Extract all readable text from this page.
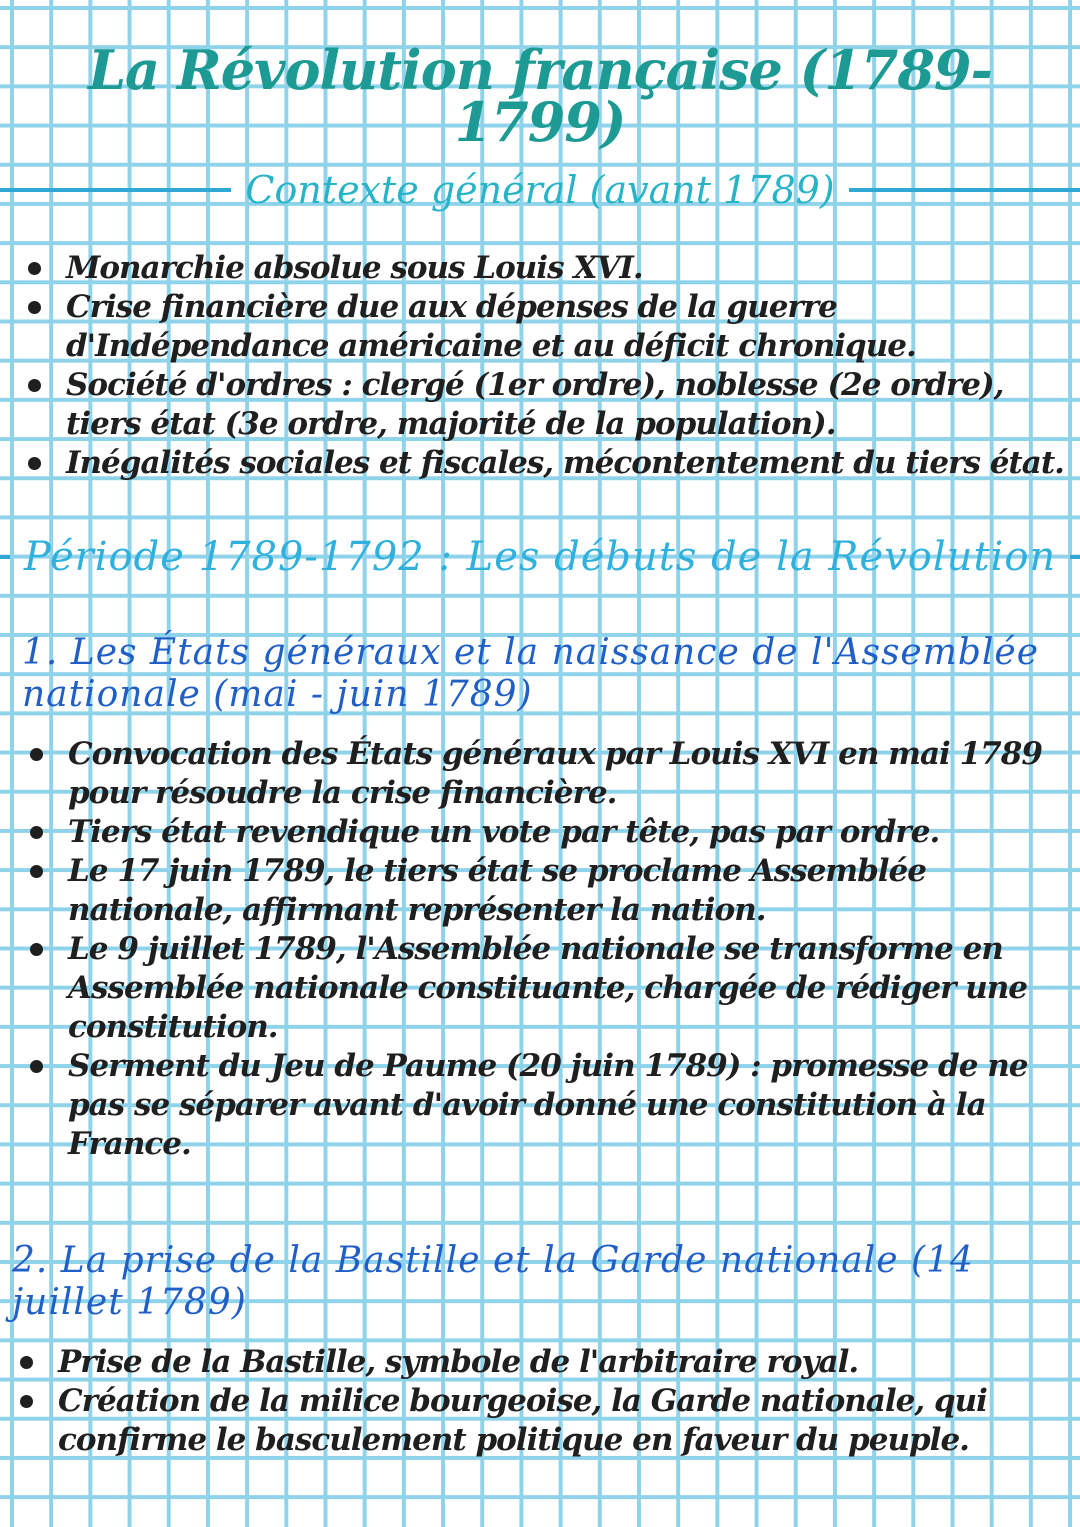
La Révolution française (1789-
1799)
Contexte général (avant 1789)
Monarchie absolue sous Louis XVI.
Crise financière due aux dépenses de la guerre d'Indépendance américaine et au déficit chronique.
Société d'ordres : clergé (1er ordre), noblesse (2e ordre), tiers état (3e ordre, majorité de la population).
Inégalités sociales et fiscales, mécontentement du tiers état.
Période 1789-1792 : Les débuts de la Révolution
1. Les États généraux et la naissance de l'Assemblée nationale (mai - juin 1789)
Convocation des États généraux par Louis XVI en mai 1789 pour résoudre la crise financière.
Tiers état revendique un vote par tête, pas par ordre.
Le 17 juin 1789, le tiers état se proclame Assemblée nationale, affirmant représenter la nation.
Le 9 juillet 1789, l'Assemblée nationale se transforme en Assemblée nationale constituante, chargée de rédiger une constitution.
Serment du Jeu de Paume (20 juin 1789) : promesse de ne pas se séparer avant d'avoir donné une constitution à la France.
2. La prise de la Bastille et la Garde nationale (14 juillet 1789)
Prise de la Bastille, symbole de l'arbitraire royal.
Création de la milice bourgeoise, la Garde nationale, qui confirme le basculement politique en faveur du peuple.
